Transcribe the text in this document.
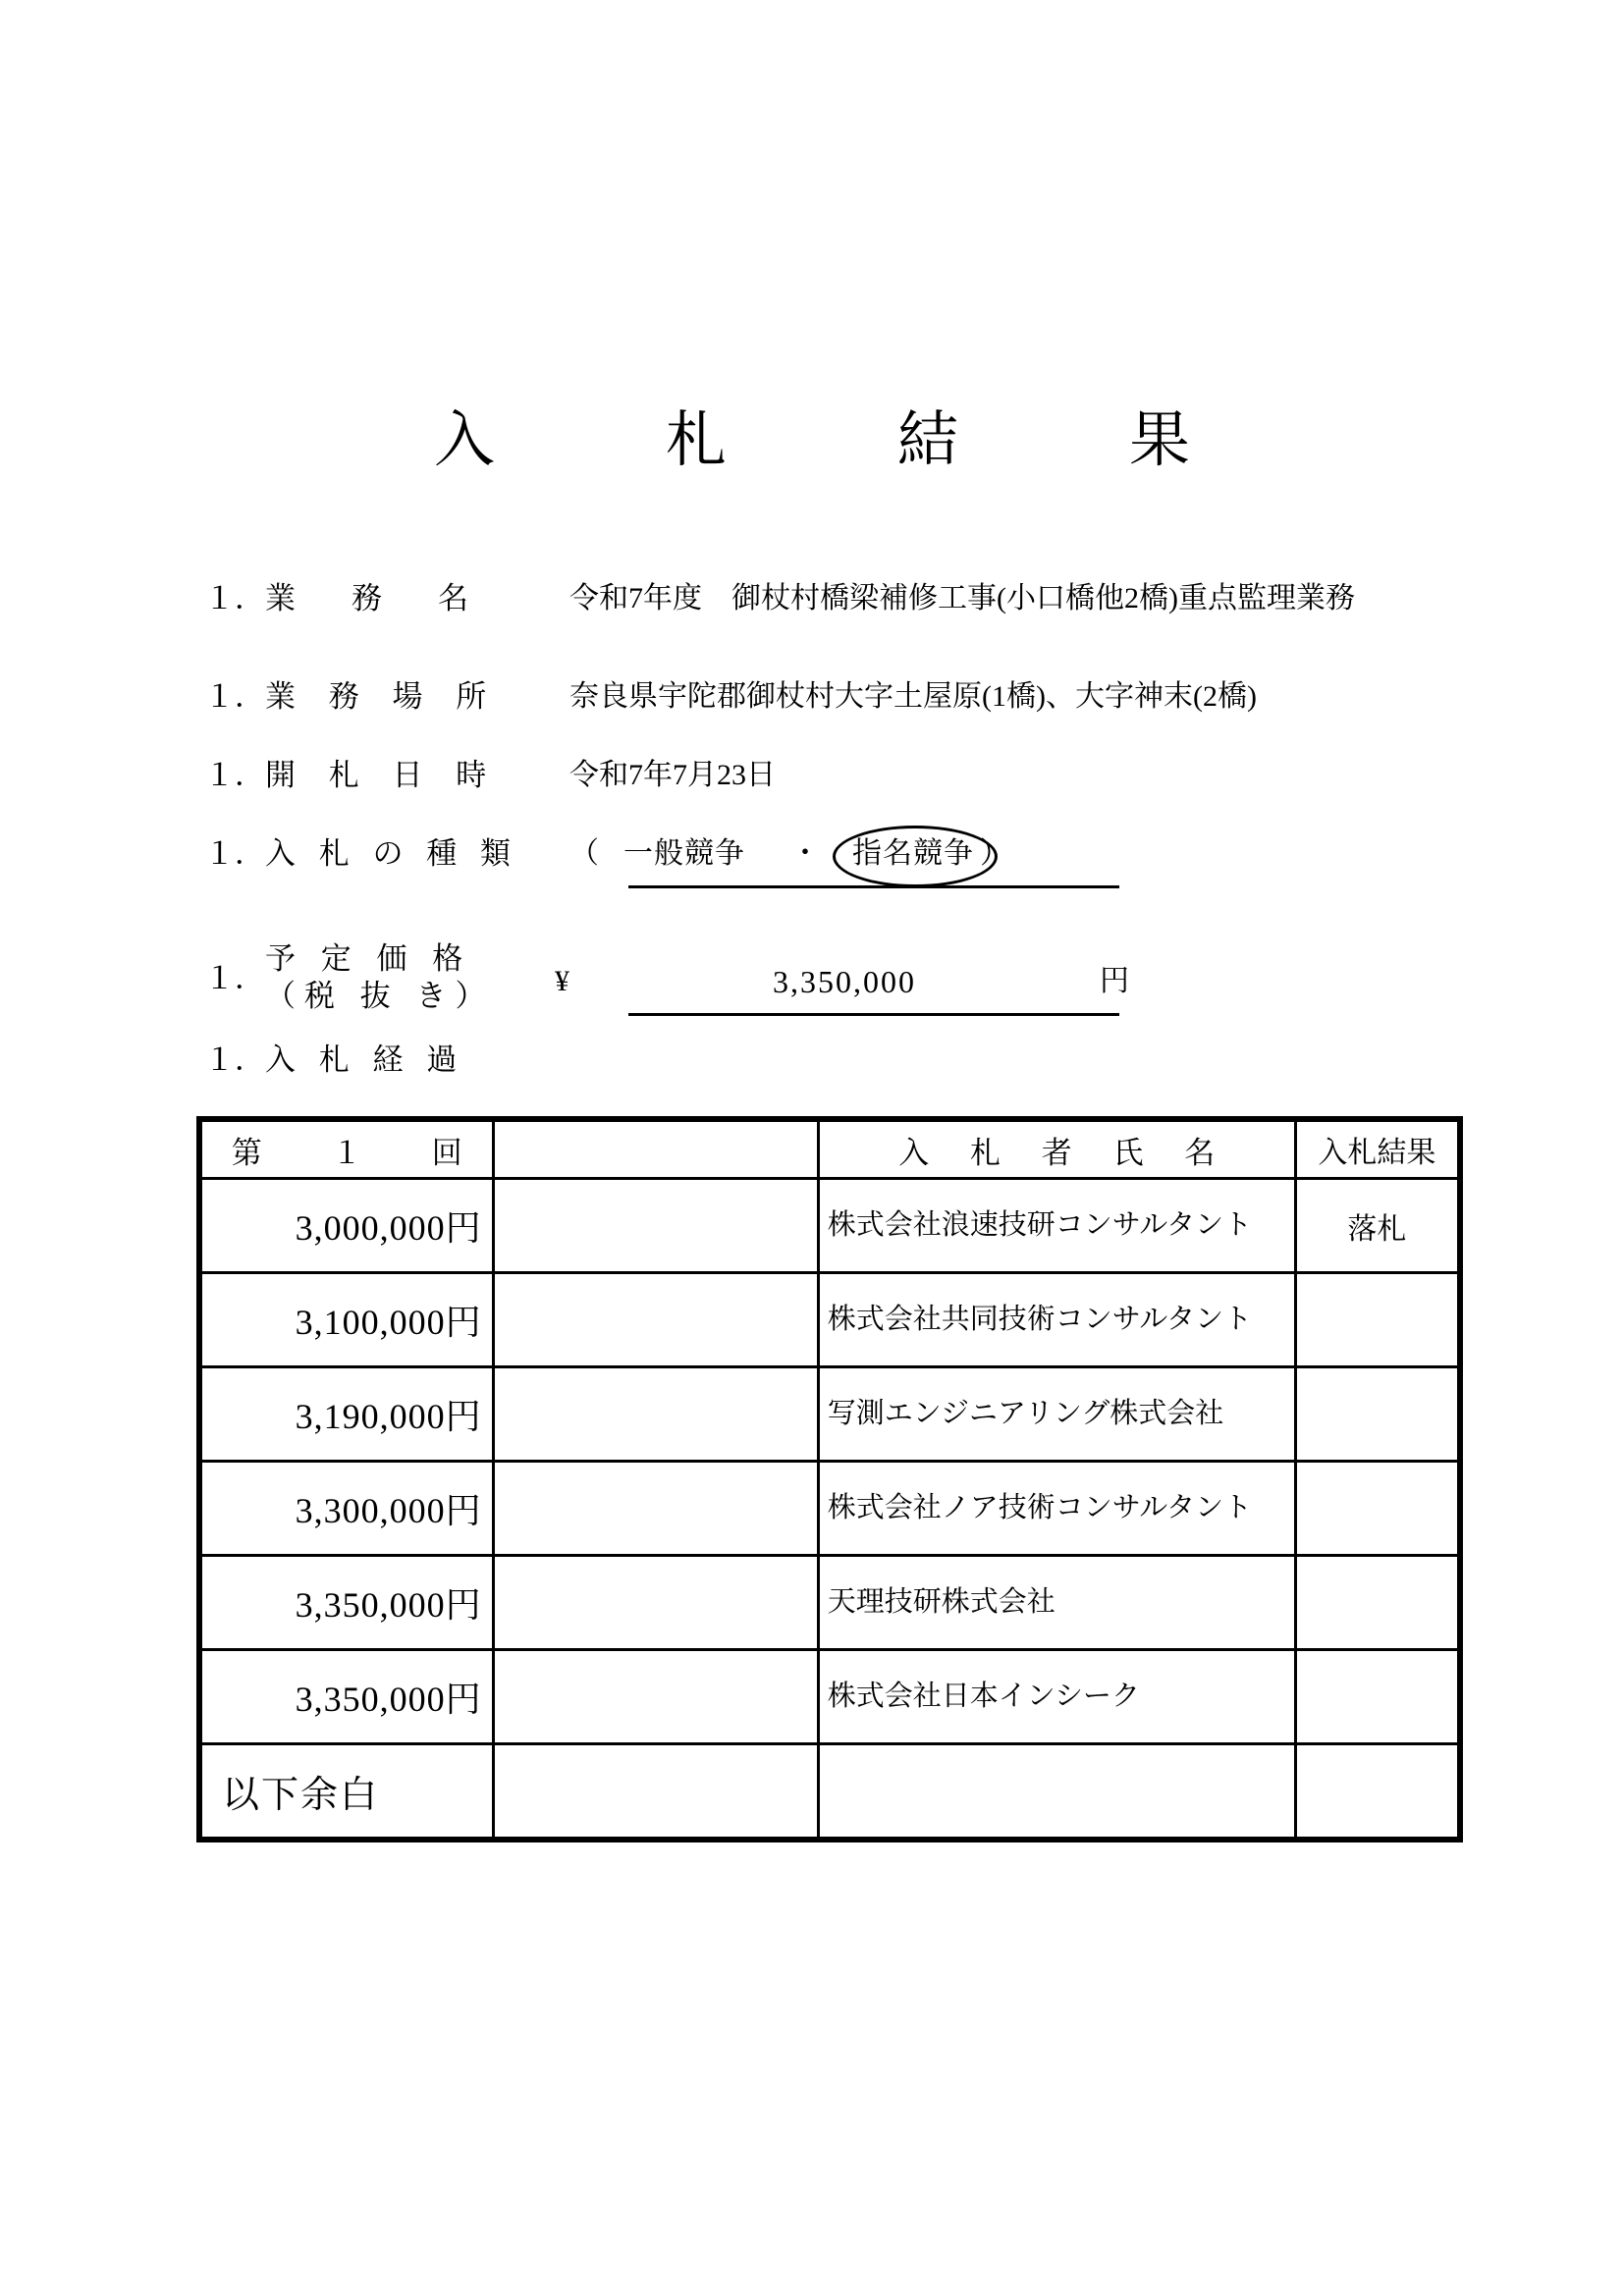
入　札　結　果
１．業　務　名	令和7年度　御杖村橋梁補修工事(小口橋他2橋)重点監理業務
１．業 務 場 所 奈良県宇陀郡御杖村大字土屋原(1橋)、大字神末(2橋)
１．開 札 日 時 令和7年7月23日
１．入 札 の 種 類 （ 一般競争 ・ 指名競争 ）
１．
予 定 価 格
（税 抜 き） ¥	3,350,000	円
１．入 札 経 過
第　１　回		入 札 者 氏 名	入札結果

3,000,000円		株式会社浪速技研コンサルタント	落札

3,100,000円		株式会社共同技術コンサルタント	

3,190,000円		写測エンジニアリング株式会社	

3,300,000円		株式会社ノア技術コンサルタント	

3,350,000円		天理技研株式会社	

3,350,000円		株式会社日本インシーク	

以下余白			
